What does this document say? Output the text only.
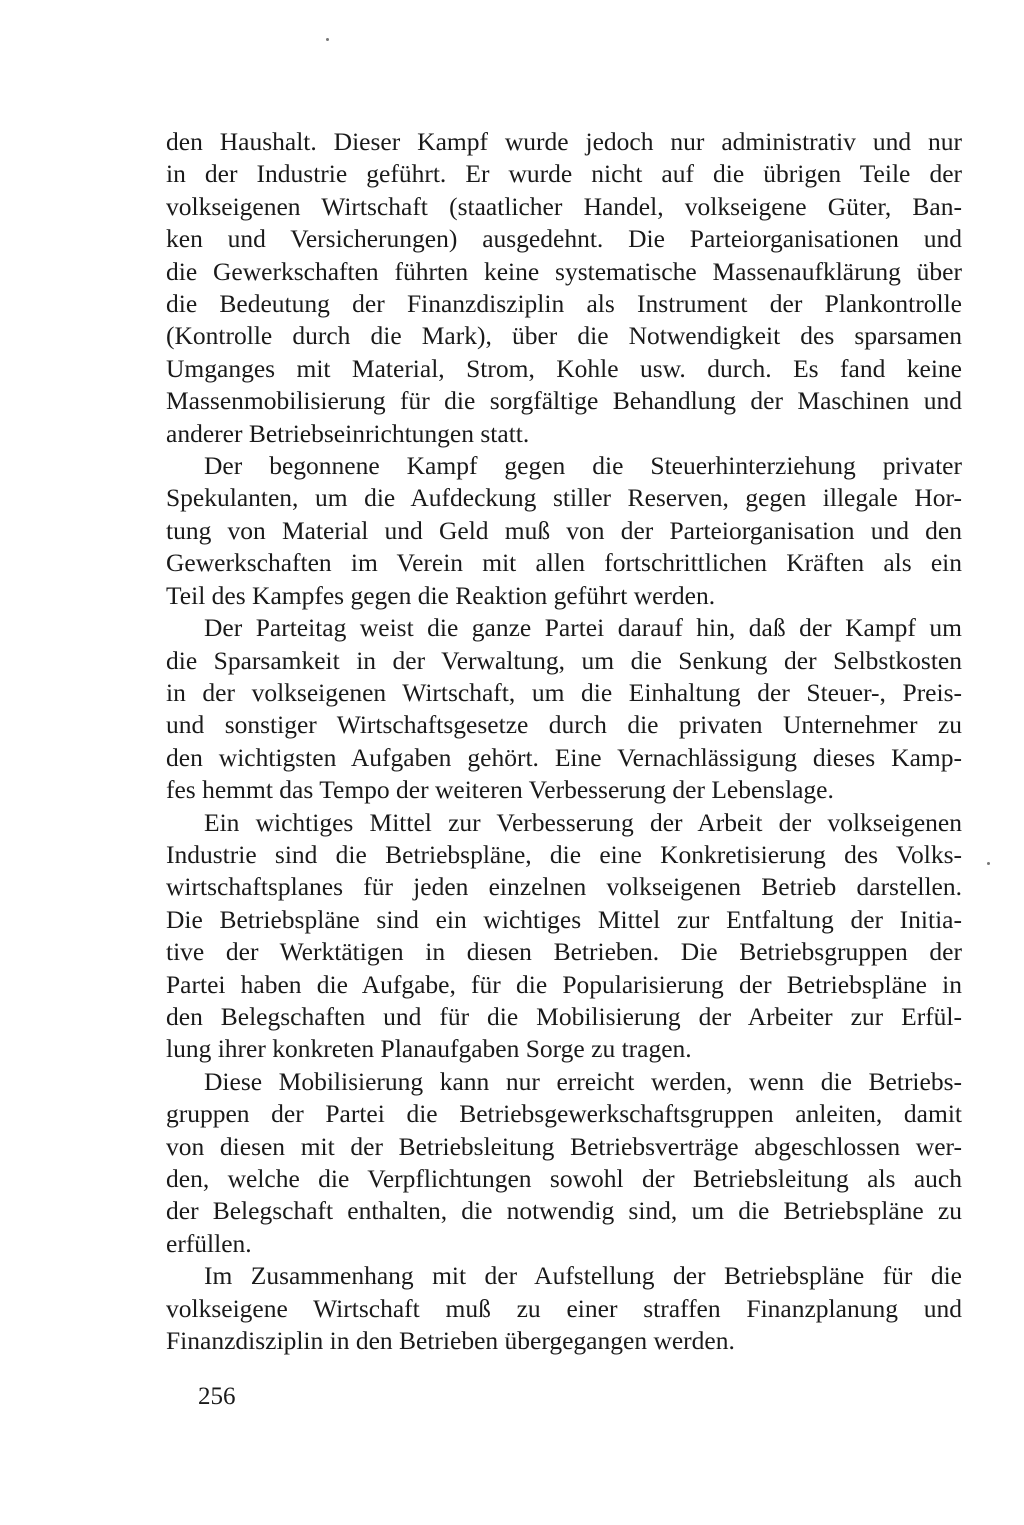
den Haushalt. Dieser Kampf wurde jedoch nur administrativ und nur
in der Industrie geführt. Er wurde nicht auf die übrigen Teile der
volkseigenen Wirtschaft (staatlicher Handel, volkseigene Güter, Ban-
ken und Versicherungen) ausgedehnt. Die Parteiorganisationen und
die Gewerkschaften führten keine systematische Massenaufklärung über
die Bedeutung der Finanzdisziplin als Instrument der Plankontrolle
(Kontrolle durch die Mark), über die Notwendigkeit des sparsamen
Umganges mit Material, Strom, Kohle usw. durch. Es fand keine
Massenmobilisierung für die sorgfältige Behandlung der Maschinen und
anderer Betriebseinrichtungen statt.

Der begonnene Kampf gegen die Steuerhinterziehung privater
Spekulanten, um die Aufdeckung stiller Reserven, gegen illegale Hor-
tung von Material und Geld muß von der Parteiorganisation und den
Gewerkschaften im Verein mit allen fortschrittlichen Kräften als ein
Teil des Kampfes gegen die Reaktion geführt werden.

Der Parteitag weist die ganze Partei darauf hin, daß der Kampf um
die Sparsamkeit in der Verwaltung, um die Senkung der Selbstkosten
in der volkseigenen Wirtschaft, um die Einhaltung der Steuer-, Preis-
und sonstiger Wirtschaftsgesetze durch die privaten Unternehmer zu
den wichtigsten Aufgaben gehört. Eine Vernachlässigung dieses Kamp-
fes hemmt das Tempo der weiteren Verbesserung der Lebenslage.

Ein wichtiges Mittel zur Verbesserung der Arbeit der volkseigenen
Industrie sind die Betriebspläne, die eine Konkretisierung des Volks-
wirtschaftsplanes für jeden einzelnen volkseigenen Betrieb darstellen.
Die Betriebspläne sind ein wichtiges Mittel zur Entfaltung der Initia-
tive der Werktätigen in diesen Betrieben. Die Betriebsgruppen der
Partei haben die Aufgabe, für die Popularisierung der Betriebspläne in
den Belegschaften und für die Mobilisierung der Arbeiter zur Erfül-
lung ihrer konkreten Planaufgaben Sorge zu tragen.

Diese Mobilisierung kann nur erreicht werden, wenn die Betriebs-
gruppen der Partei die Betriebsgewerkschaftsgruppen anleiten, damit
von diesen mit der Betriebsleitung Betriebsverträge abgeschlossen wer-
den, welche die Verpflichtungen sowohl der Betriebsleitung als auch
der Belegschaft enthalten, die notwendig sind, um die Betriebspläne zu
erfüllen.

Im Zusammenhang mit der Aufstellung der Betriebspläne für die
volkseigene Wirtschaft muß zu einer straffen Finanzplanung und
Finanzdisziplin in den Betrieben übergegangen werden.

256
